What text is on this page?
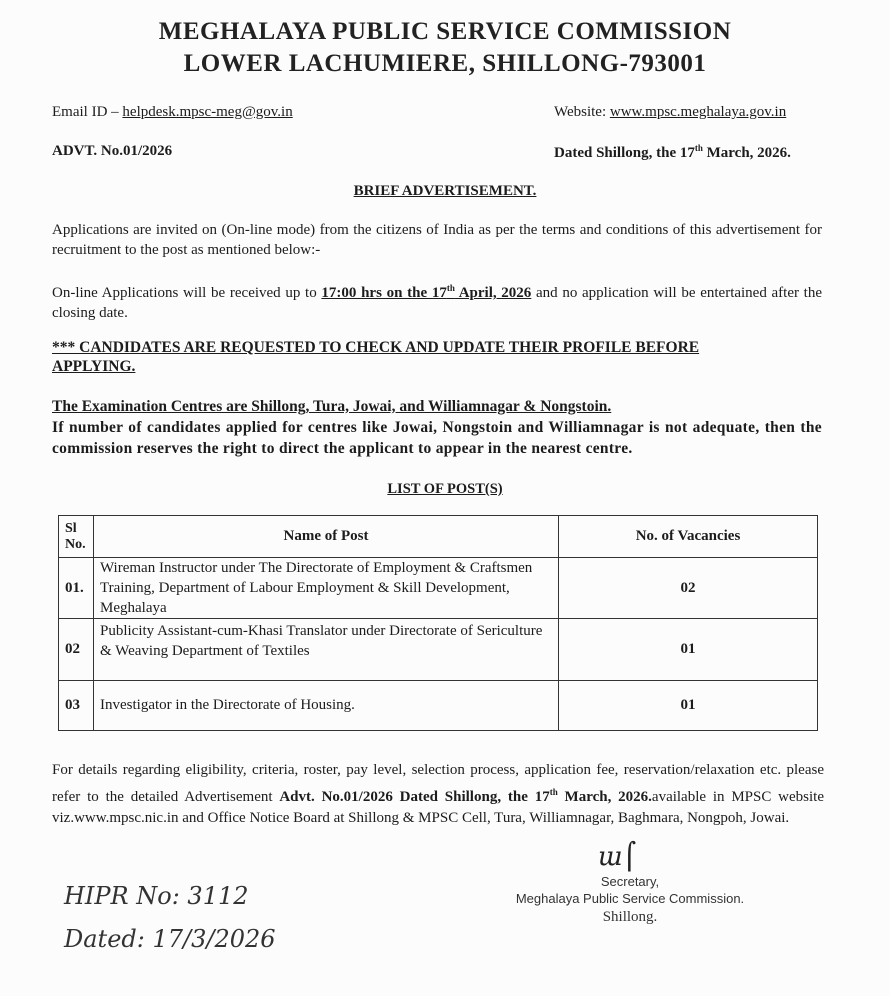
MEGHALAYA PUBLIC SERVICE COMMISSION
LOWER LACHUMIERE, SHILLONG-793001
Email ID – helpdesk.mpsc-meg@gov.in	Website: www.mpsc.meghalaya.gov.in
ADVT. No.01/2026	Dated Shillong, the 17th March, 2026.
BRIEF ADVERTISEMENT.
Applications are invited on (On-line mode) from the citizens of India as per the terms and conditions of this advertisement for recruitment to the post as mentioned below:-
On-line Applications will be received up to 17:00 hrs on the 17th April, 2026 and no application will be entertained after the closing date.
*** CANDIDATES ARE REQUESTED TO CHECK AND UPDATE THEIR PROFILE BEFORE APPLYING.
The Examination Centres are Shillong, Tura, Jowai, and Williamnagar & Nongstoin.
If number of candidates applied for centres like Jowai, Nongstoin and Williamnagar is not adequate, then the commission reserves the right to direct the applicant to appear in the nearest centre.
LIST OF POST(S)
Sl No.	Name of Post	No. of Vacancies
01.	Wireman Instructor under The Directorate of Employment & Craftsmen Training, Department of Labour Employment & Skill Development, Meghalaya	02
02	Publicity Assistant-cum-Khasi Translator under Directorate of Sericulture & Weaving Department of Textiles	01
03	Investigator in the Directorate of Housing.	01
For details regarding eligibility, criteria, roster, pay level, selection process, application fee, reservation/relaxation etc. please refer to the detailed Advertisement Advt. No.01/2026 Dated Shillong, the 17th March, 2026.available in MPSC website viz.www.mpsc.nic.in and Office Notice Board at Shillong & MPSC Cell, Tura, Williamnagar, Baghmara, Nongpoh, Jowai.
ɯ⌠
Secretary,
Meghalaya Public Service Commission.
Shillong.
HIPR No: 3112
Dated: 17/3/2026
